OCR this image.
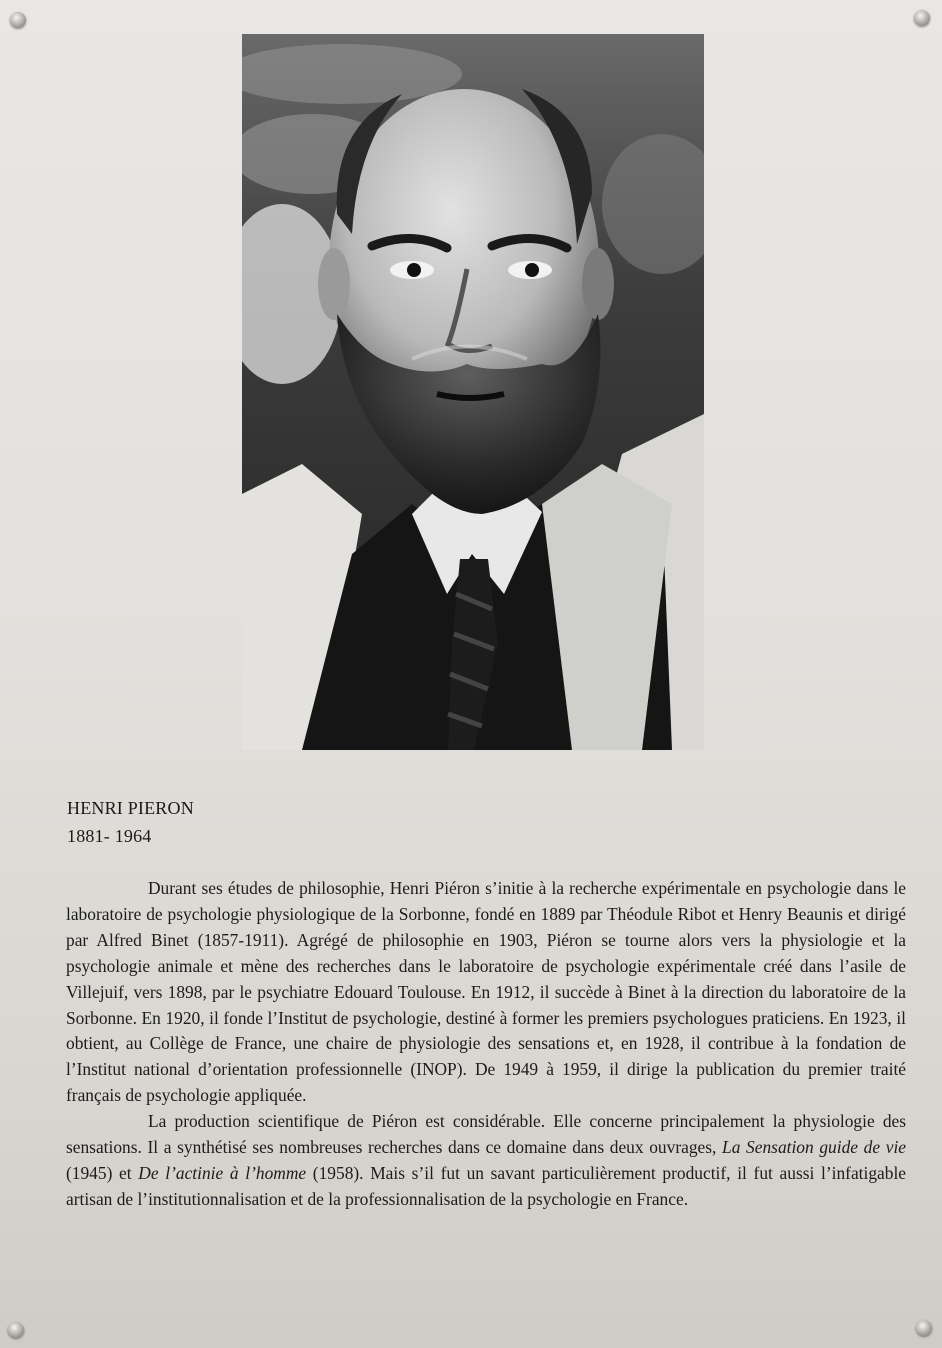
HENRI PIERON
1881- 1964

Durant ses études de philosophie, Henri Piéron s’initie à la recherche expérimentale en psychologie dans le laboratoire de psychologie physiologique de la Sorbonne, fondé en 1889 par Théodule Ribot et Henry Beaunis et dirigé par Alfred Binet (1857-1911). Agrégé de philosophie en 1903, Piéron se tourne alors vers la physiologie et la psychologie animale et mène des recherches dans le laboratoire de psychologie expérimentale créé dans l’asile de Villejuif, vers 1898, par le psychiatre Edouard Toulouse. En 1912, il succède à Binet à la direction du laboratoire de la Sorbonne. En 1920, il fonde l’Institut de psychologie, destiné à former les premiers psychologues praticiens. En 1923, il obtient, au Collège de France, une chaire de physiologie des sensations et, en 1928, il contribue à la fondation de l’Institut national d’orientation professionnelle (INOP). De 1949 à 1959, il dirige la publication du premier traité français de psychologie appliquée.

La production scientifique de Piéron est considérable. Elle concerne principalement la physiologie des sensations. Il a synthétisé ses nombreuses recherches dans ce domaine dans deux ouvrages, La Sensation guide de vie (1945) et De l’actinie à l’homme (1958). Mais s’il fut un savant particulièrement productif, il fut aussi l’infatigable artisan de l’institutionnalisation et de la professionnalisation de la psychologie en France.
